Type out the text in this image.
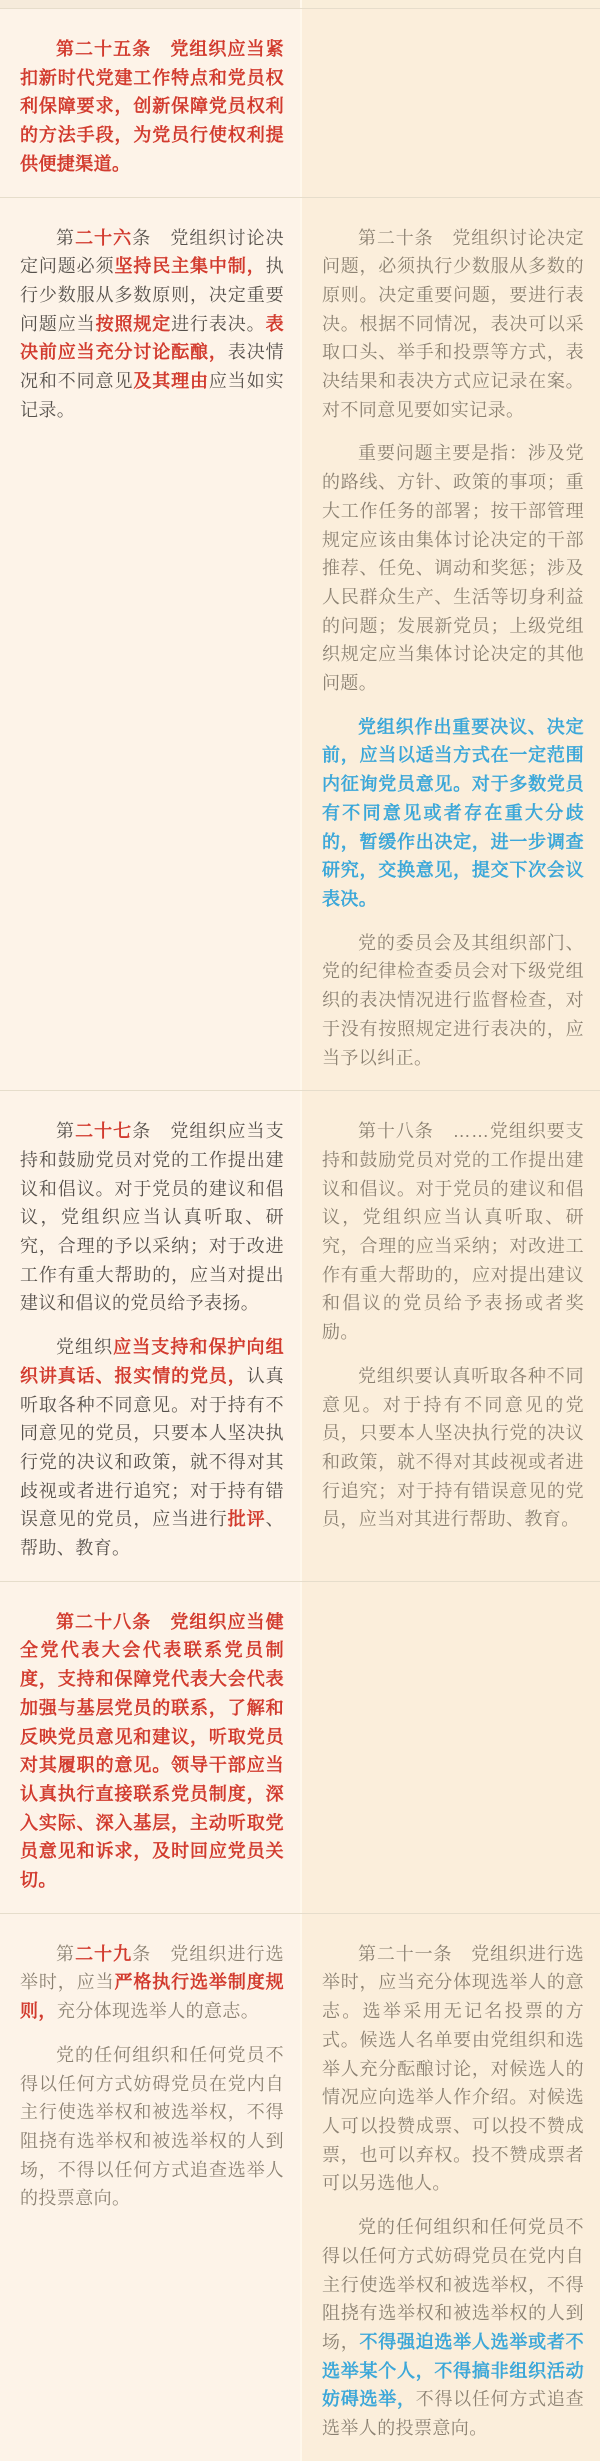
第二十五条　党组织应当紧扣新时代党建工作特点和党员权利保障要求，创新保障党员权利的方法手段，为党员行使权利提供便捷渠道。

第二十六条　党组织讨论决定问题必须坚持民主集中制，执行少数服从多数原则，决定重要问题应当按照规定进行表决。表决前应当充分讨论酝酿，表决情况和不同意见及其理由应当如实记录。

第二十条　党组织讨论决定问题，必须执行少数服从多数的原则。决定重要问题，要进行表决。根据不同情况，表决可以采取口头、举手和投票等方式，表决结果和表决方式应记录在案。对不同意见要如实记录。

重要问题主要是指：涉及党的路线、方针、政策的事项；重大工作任务的部署；按干部管理规定应该由集体讨论决定的干部推荐、任免、调动和奖惩；涉及人民群众生产、生活等切身利益的问题；发展新党员；上级党组织规定应当集体讨论决定的其他问题。

党组织作出重要决议、决定前，应当以适当方式在一定范围内征询党员意见。对于多数党员有不同意见或者存在重大分歧的，暂缓作出决定，进一步调查研究，交换意见，提交下次会议表决。

党的委员会及其组织部门、党的纪律检查委员会对下级党组织的表决情况进行监督检查，对于没有按照规定进行表决的，应当予以纠正。

第二十七条　党组织应当支持和鼓励党员对党的工作提出建议和倡议。对于党员的建议和倡议，党组织应当认真听取、研究，合理的予以采纳；对于改进工作有重大帮助的，应当对提出建议和倡议的党员给予表扬。

党组织应当支持和保护向组织讲真话、报实情的党员，认真听取各种不同意见。对于持有不同意见的党员，只要本人坚决执行党的决议和政策，就不得对其歧视或者进行追究；对于持有错误意见的党员，应当进行批评、帮助、教育。

第十八条　……党组织要支持和鼓励党员对党的工作提出建议和倡议。对于党员的建议和倡议，党组织应当认真听取、研究，合理的应当采纳；对改进工作有重大帮助的，应对提出建议和倡议的党员给予表扬或者奖励。

党组织要认真听取各种不同意见。对于持有不同意见的党员，只要本人坚决执行党的决议和政策，就不得对其歧视或者进行追究；对于持有错误意见的党员，应当对其进行帮助、教育。

第二十八条　党组织应当健全党代表大会代表联系党员制度，支持和保障党代表大会代表加强与基层党员的联系，了解和反映党员意见和建议，听取党员对其履职的意见。领导干部应当认真执行直接联系党员制度，深入实际、深入基层，主动听取党员意见和诉求，及时回应党员关切。

第二十九条　党组织进行选举时，应当严格执行选举制度规则，充分体现选举人的意志。

党的任何组织和任何党员不得以任何方式妨碍党员在党内自主行使选举权和被选举权，不得阻挠有选举权和被选举权的人到场，不得以任何方式追查选举人的投票意向。

第二十一条　党组织进行选举时，应当充分体现选举人的意志。选举采用无记名投票的方式。候选人名单要由党组织和选举人充分酝酿讨论，对候选人的情况应向选举人作介绍。对候选人可以投赞成票、可以投不赞成票，也可以弃权。投不赞成票者可以另选他人。

党的任何组织和任何党员不得以任何方式妨碍党员在党内自主行使选举权和被选举权，不得阻挠有选举权和被选举权的人到场，不得强迫选举人选举或者不选举某个人，不得搞非组织活动妨碍选举，不得以任何方式追查选举人的投票意向。
